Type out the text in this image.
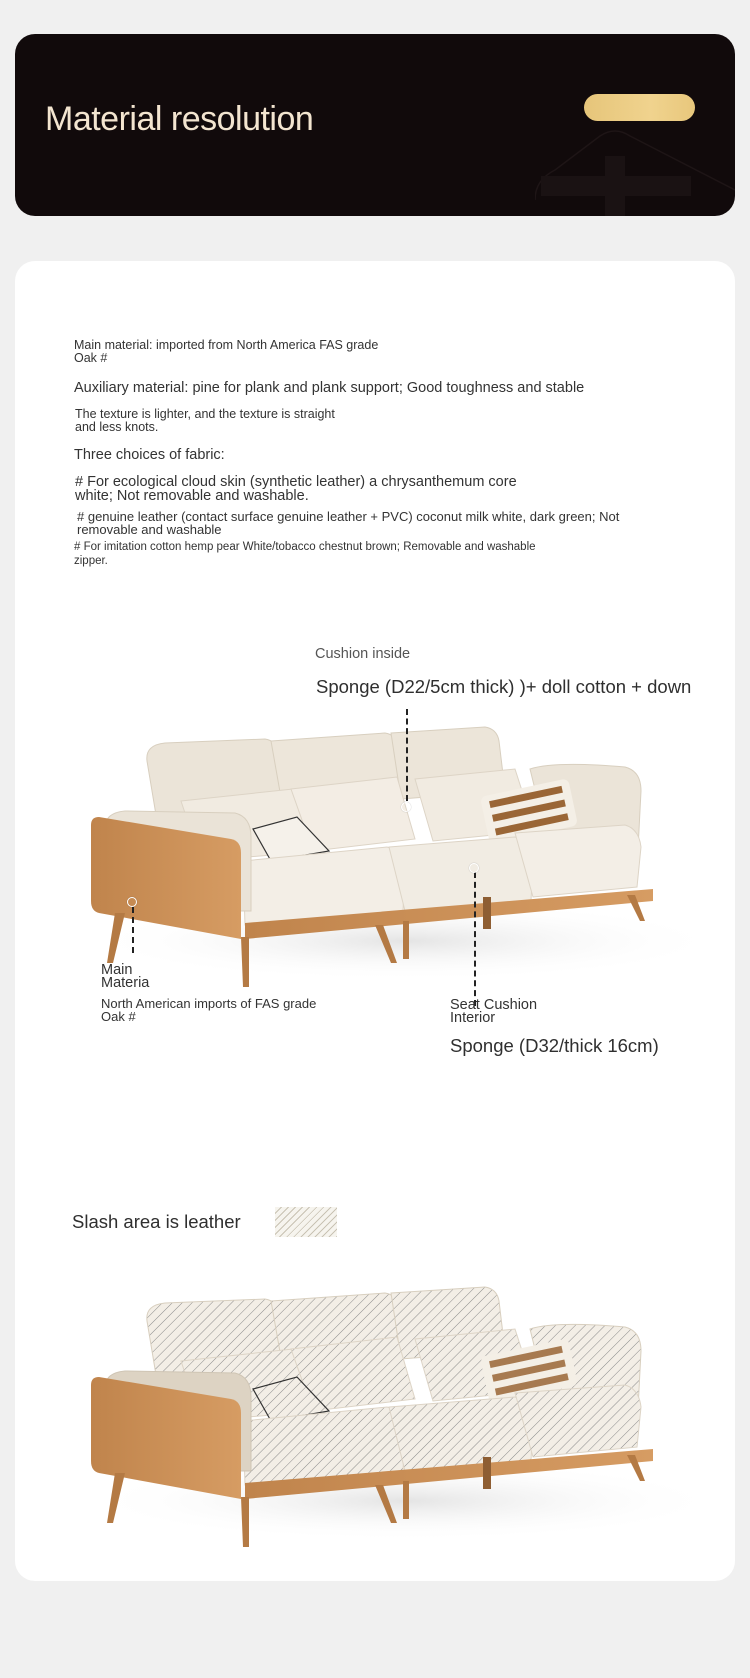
Material resolution
Main material: imported from North America FAS grade
Oak #
Auxiliary material: pine for plank and plank support; Good toughness and stable
The texture is lighter, and the texture is straight
and less knots.
Three choices of fabric:
# For ecological cloud skin (synthetic leather) a chrysanthemum core
white; Not removable and washable.
# genuine leather (contact surface genuine leather + PVC) coconut milk white, dark green; Not
removable and washable
# For imitation cotton hemp pear White/tobacco chestnut brown; Removable and washable
zipper.
Cushion inside
Sponge (D22/5cm thick) )+ doll cotton + down
Main
Materia
North American imports of FAS grade
Oak #
Seat Cushion
Interior
Sponge (D32/thick 16cm)
Slash area is leather
